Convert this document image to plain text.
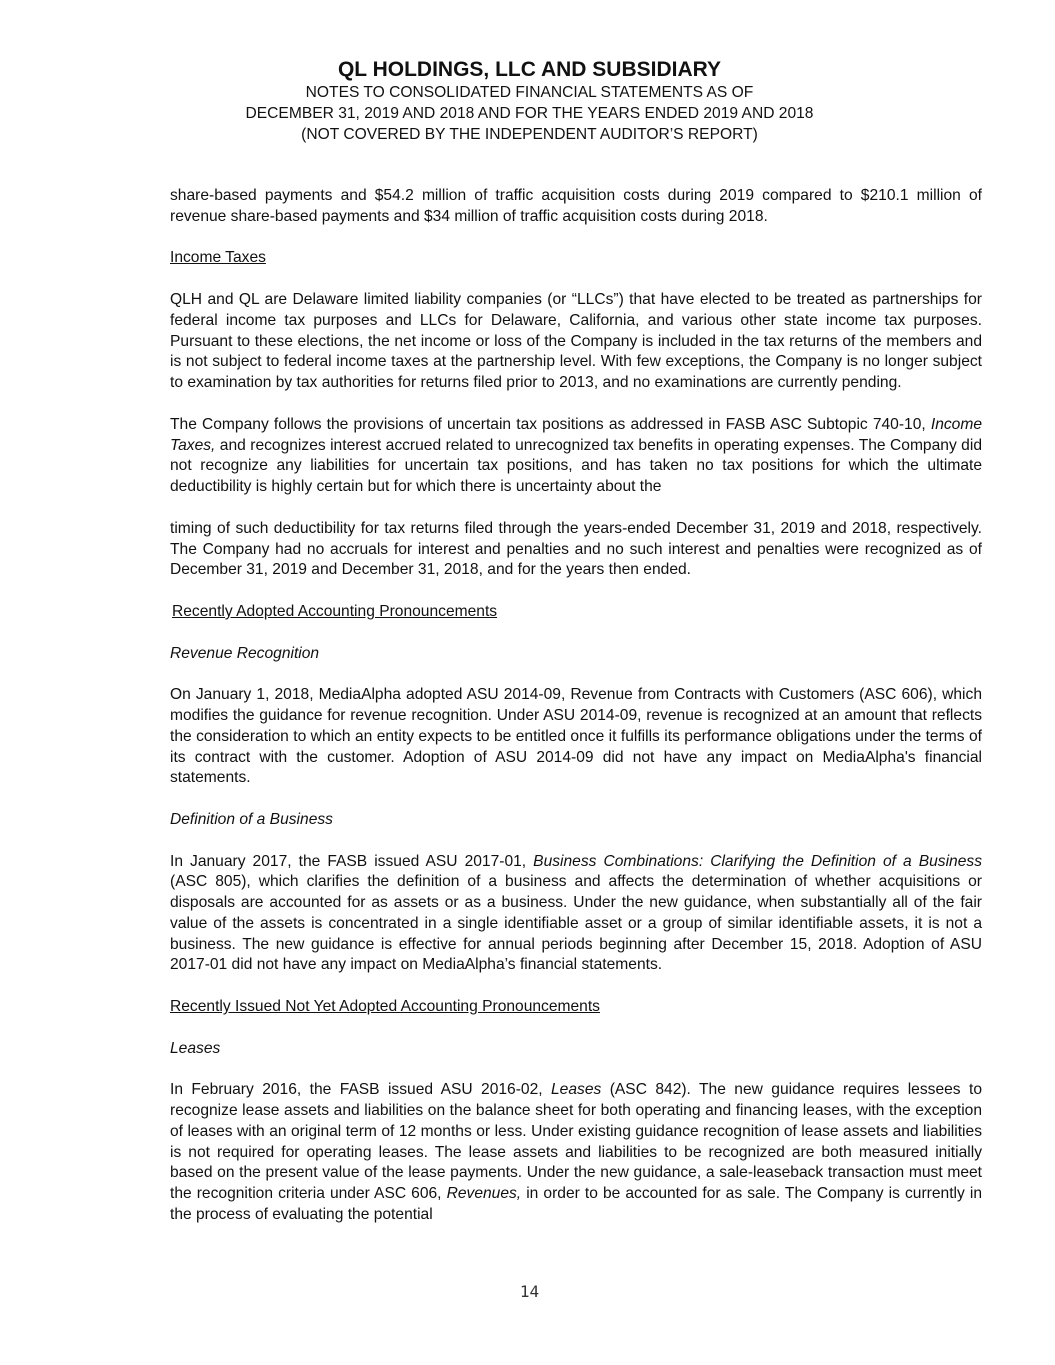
QL HOLDINGS, LLC AND SUBSIDIARY
NOTES TO CONSOLIDATED FINANCIAL STATEMENTS AS OF
DECEMBER 31, 2019 AND 2018 AND FOR THE YEARS ENDED 2019 AND 2018
(NOT COVERED BY THE INDEPENDENT AUDITOR’S REPORT)

share-based payments and $54.2 million of traffic acquisition costs during 2019 compared to $210.1 million of revenue share-based payments and $34 million of traffic acquisition costs during 2018.

Income Taxes

QLH and QL are Delaware limited liability companies (or “LLCs”) that have elected to be treated as partnerships for federal income tax purposes and LLCs for Delaware, California, and various other state income tax purposes. Pursuant to these elections, the net income or loss of the Company is included in the tax returns of the members and is not subject to federal income taxes at the partnership level. With few exceptions, the Company is no longer subject to examination by tax authorities for returns filed prior to 2013, and no examinations are currently pending.

The Company follows the provisions of uncertain tax positions as addressed in FASB ASC Subtopic 740-10, Income Taxes, and recognizes interest accrued related to unrecognized tax benefits in operating expenses. The Company did not recognize any liabilities for uncertain tax positions, and has taken no tax positions for which the ultimate deductibility is highly certain but for which there is uncertainty about the

timing of such deductibility for tax returns filed through the years-ended December 31, 2019 and 2018, respectively. The Company had no accruals for interest and penalties and no such interest and penalties were recognized as of December 31, 2019 and December 31, 2018, and for the years then ended.

Recently Adopted Accounting Pronouncements

Revenue Recognition

On January 1, 2018, MediaAlpha adopted ASU 2014-09, Revenue from Contracts with Customers (ASC 606), which modifies the guidance for revenue recognition. Under ASU 2014-09, revenue is recognized at an amount that reflects the consideration to which an entity expects to be entitled once it fulfills its performance obligations under the terms of its contract with the customer. Adoption of ASU 2014-09 did not have any impact on MediaAlpha's financial statements.

Definition of a Business

In January 2017, the FASB issued ASU 2017-01, Business Combinations: Clarifying the Definition of a Business (ASC 805), which clarifies the definition of a business and affects the determination of whether acquisitions or disposals are accounted for as assets or as a business. Under the new guidance, when substantially all of the fair value of the assets is concentrated in a single identifiable asset or a group of similar identifiable assets, it is not a business. The new guidance is effective for annual periods beginning after December 15, 2018. Adoption of ASU 2017-01 did not have any impact on MediaAlpha’s financial statements.

Recently Issued Not Yet Adopted Accounting Pronouncements

Leases

In February 2016, the FASB issued ASU 2016-02, Leases (ASC 842). The new guidance requires lessees to recognize lease assets and liabilities on the balance sheet for both operating and financing leases, with the exception of leases with an original term of 12 months or less. Under existing guidance recognition of lease assets and liabilities is not required for operating leases. The lease assets and liabilities to be recognized are both measured initially based on the present value of the lease payments. Under the new guidance, a sale-leaseback transaction must meet the recognition criteria under ASC 606, Revenues, in order to be accounted for as sale. The Company is currently in the process of evaluating the potential

14
